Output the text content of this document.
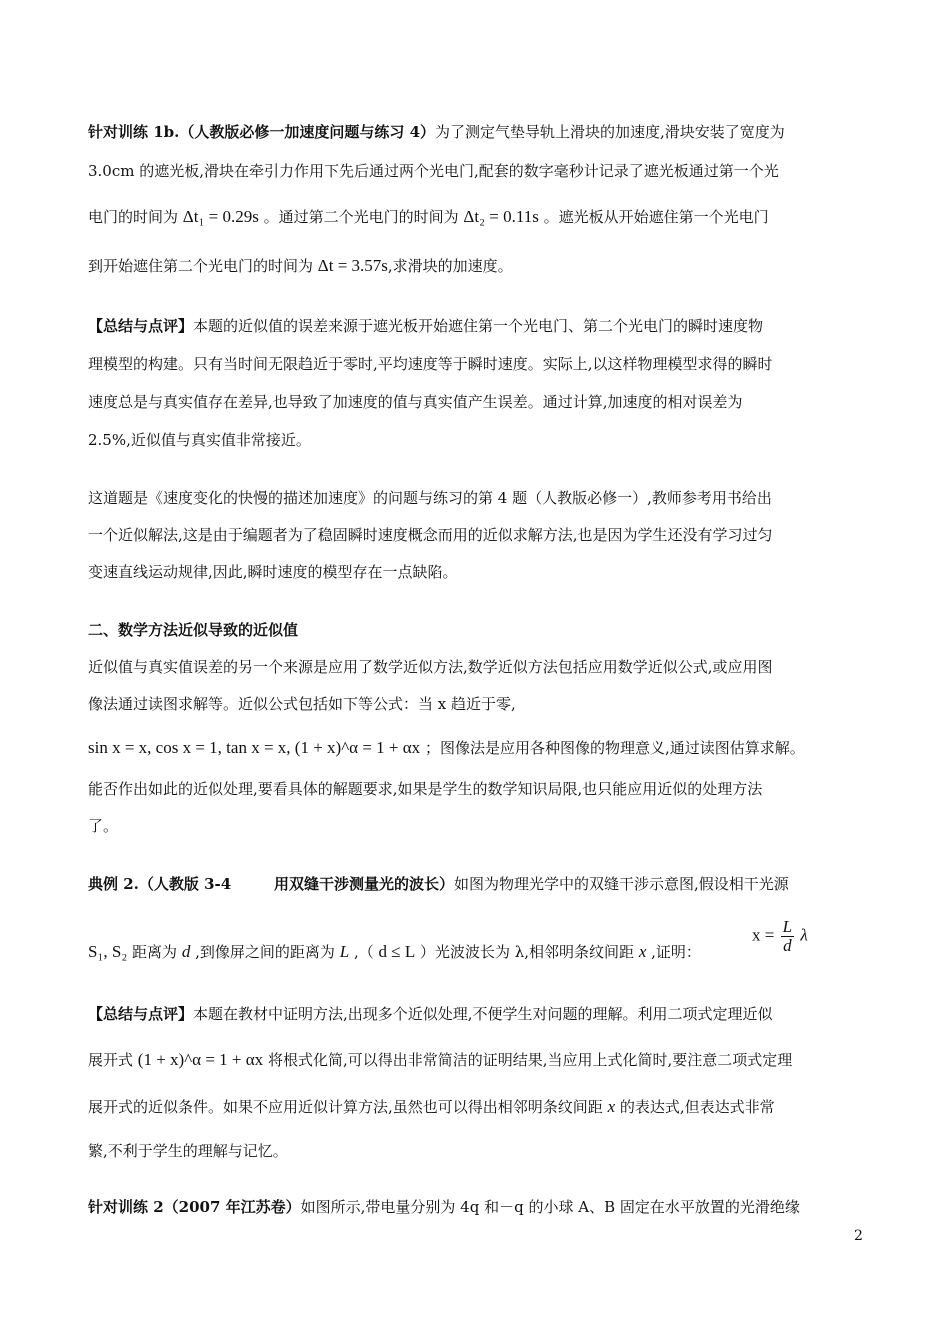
针对训练 1b.（人教版必修一加速度问题与练习 4）为了测定气垫导轨上滑块的加速度,滑块安装了宽度为
3.0cm 的遮光板,滑块在牵引力作用下先后通过两个光电门,配套的数字毫秒计记录了遮光板通过第一个光
电门的时间为 Δt₁ = 0.29s 。通过第二个光电门的时间为 Δt₂ = 0.11s 。遮光板从开始遮住第一个光电门
到开始遮住第二个光电门的时间为 Δt = 3.57s,求滑块的加速度。
【总结与点评】本题的近似值的误差来源于遮光板开始遮住第一个光电门、第二个光电门的瞬时速度物
理模型的构建。只有当时间无限趋近于零时,平均速度等于瞬时速度。实际上,以这样物理模型求得的瞬时
速度总是与真实值存在差异,也导致了加速度的值与真实值产生误差。通过计算,加速度的相对误差为
2.5%,近似值与真实值非常接近。
这道题是《速度变化的快慢的描述加速度》的问题与练习的第 4 题（人教版必修一）,教师参考用书给出
一个近似解法,这是由于编题者为了稳固瞬时速度概念而用的近似求解方法,也是因为学生还没有学习过匀
变速直线运动规律,因此,瞬时速度的模型存在一点缺陷。
二、数学方法近似导致的近似值
近似值与真实值误差的另一个来源是应用了数学近似方法,数学近似方法包括应用数学近似公式,或应用图
像法通过读图求解等。近似公式包括如下等公式：当 x 趋近于零,
sin x = x, cos x = 1, tan x = x, (1 + x)^α = 1 + αx ；图像法是应用各种图像的物理意义,通过读图估算求解。
能否作出如此的近似处理,要看具体的解题要求,如果是学生的数学知识局限,也只能应用近似的处理方法
了。
典例 2.（人教版 3-4	用双缝干涉测量光的波长）如图为物理光学中的双缝干涉示意图,假设相干光源
S₁, S₂ 距离为 d ,到像屏之间的距离为 L ,（ d ≤ L ）光波波长为 λ,相邻明条纹间距 x ,证明：
$x = \frac{L}{d}$ λ
【总结与点评】本题在教材中证明方法,出现多个近似处理,不便学生对问题的理解。利用二项式定理近似
展开式 (1 + x)^α = 1 + αx 将根式化简,可以得出非常简洁的证明结果,当应用上式化简时,要注意二项式定理
展开式的近似条件。如果不应用近似计算方法,虽然也可以得出相邻明条纹间距 x 的表达式,但表达式非常
繁,不利于学生的理解与记忆。
针对训练 2（2007 年江苏卷）如图所示,带电量分别为 4q 和－q 的小球 A、B 固定在水平放置的光滑绝缘
2
